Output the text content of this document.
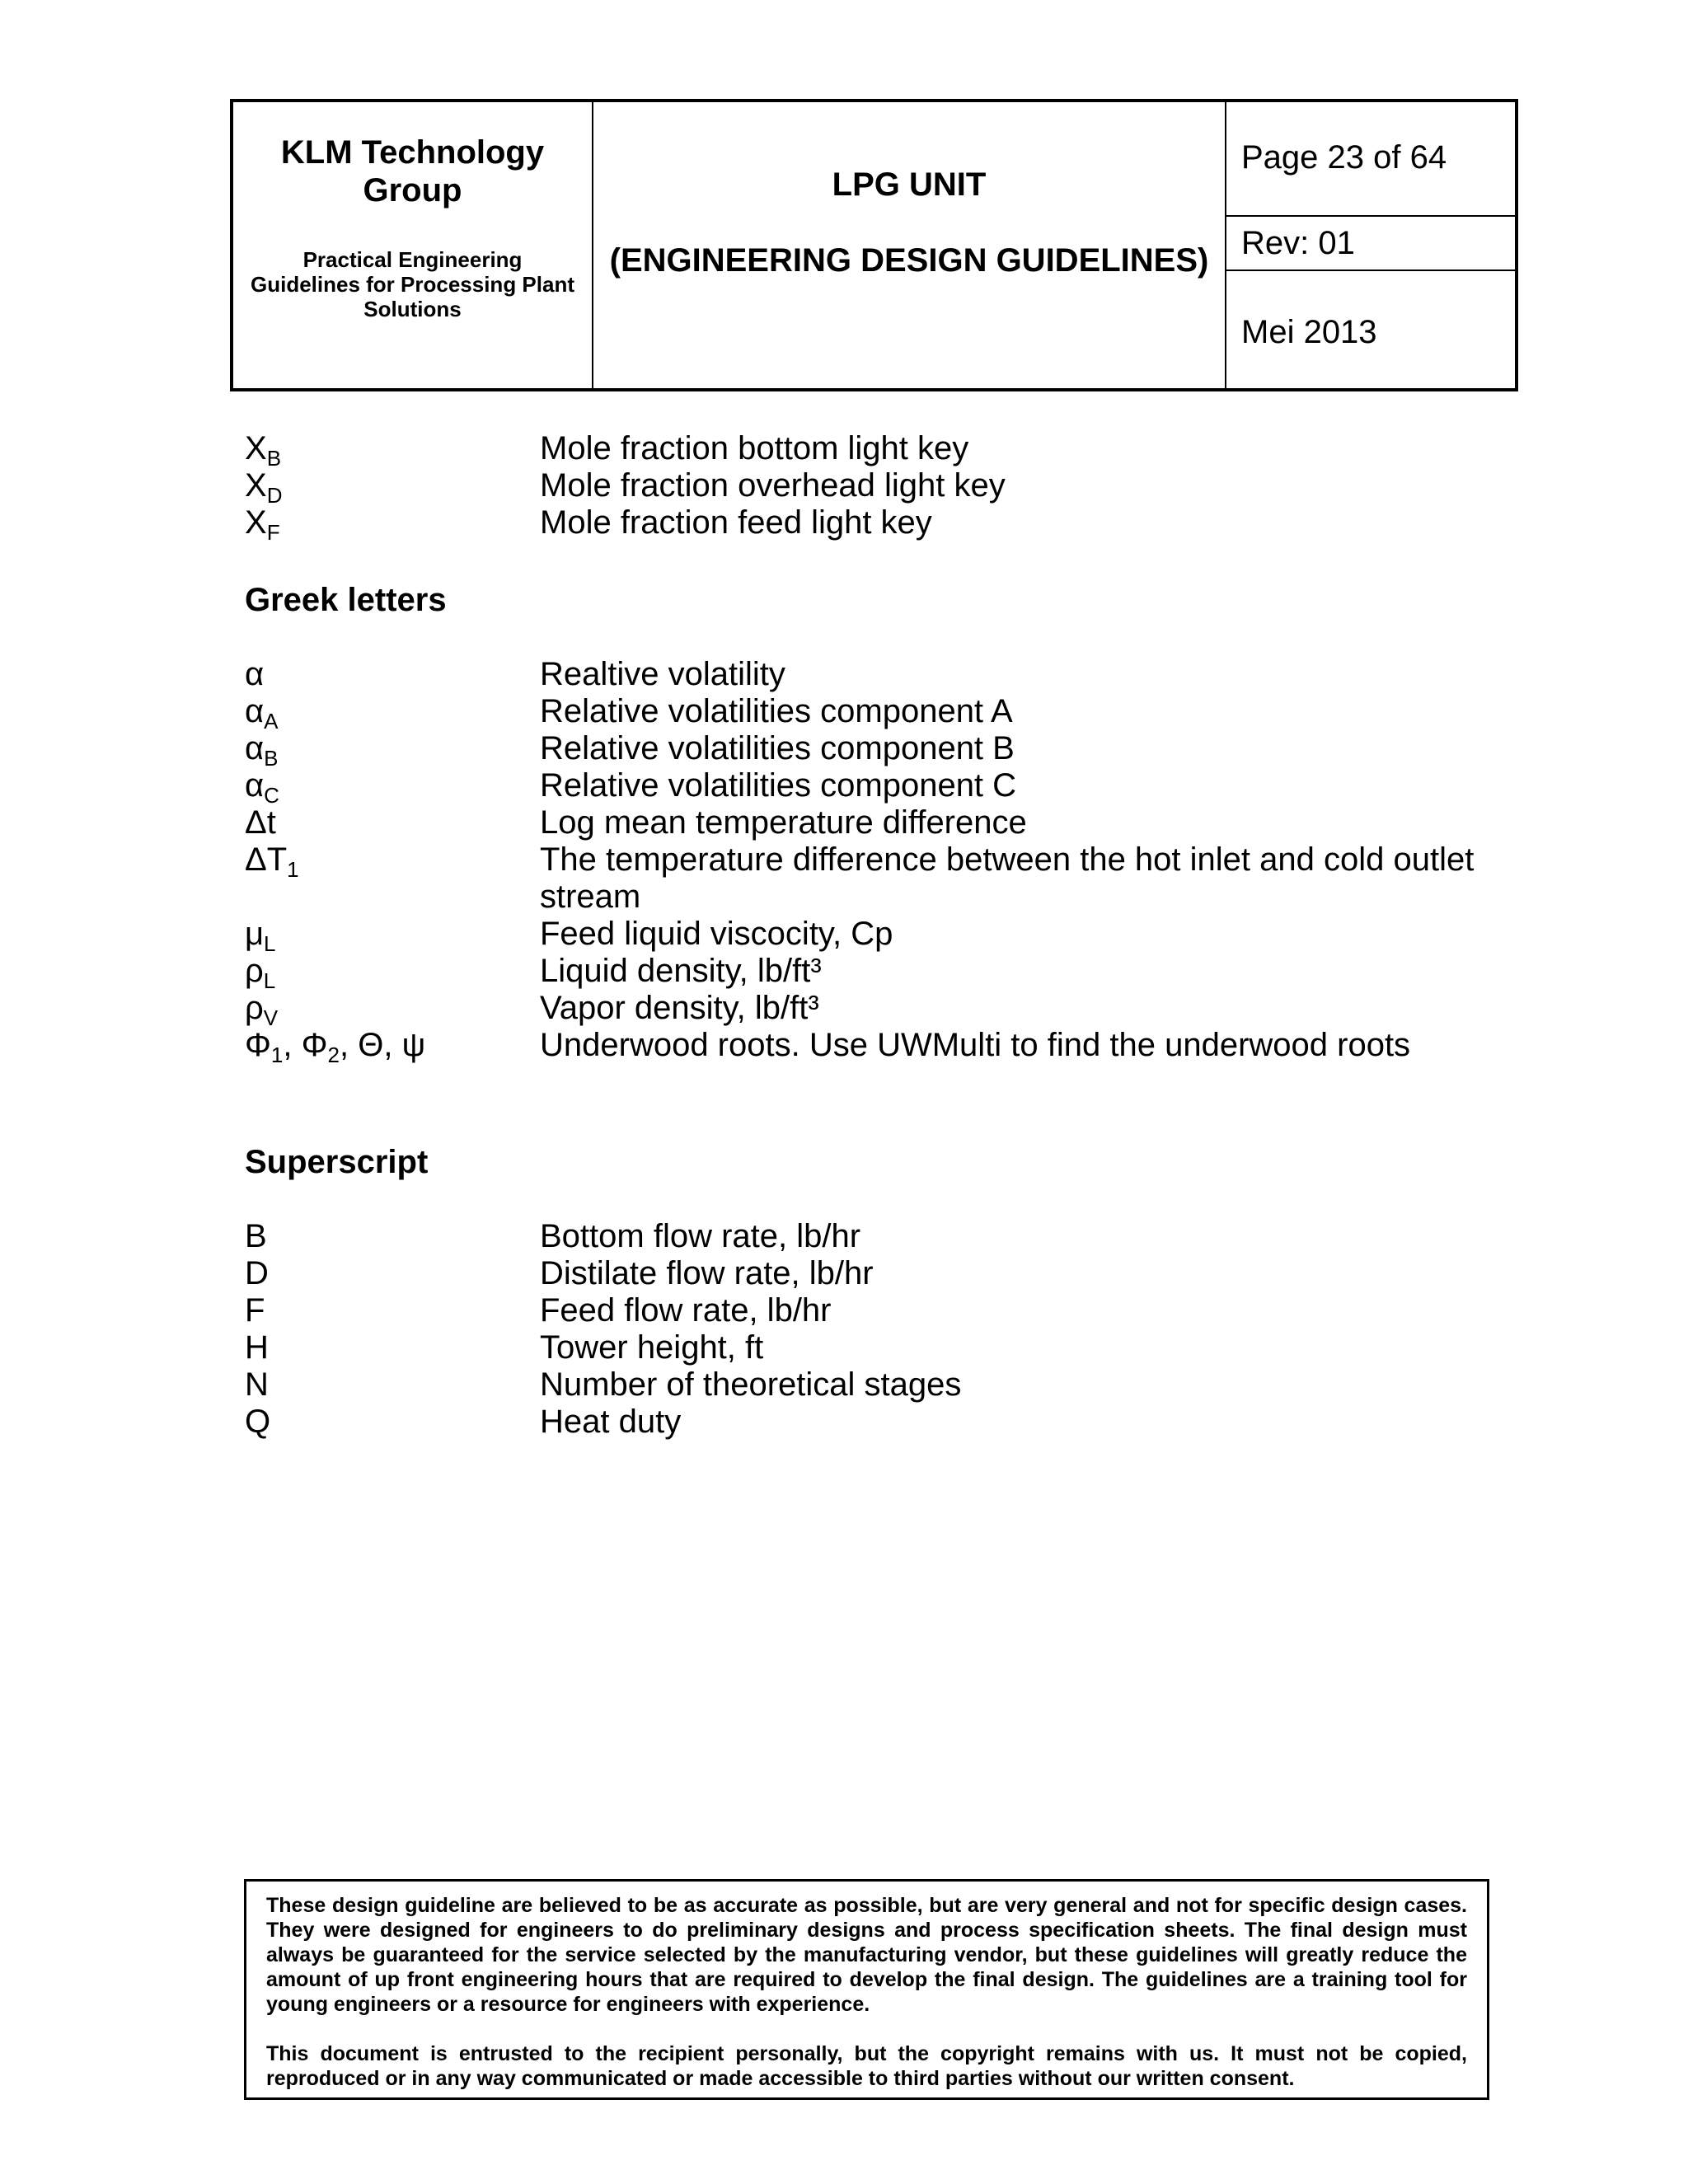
KLM Technology
Group
Practical Engineering
Guidelines for Processing Plant
Solutions
LPG UNIT
(ENGINEERING DESIGN GUIDELINES)
Page 23 of 64
Rev: 01
Mei 2013
$X_B$	Mole fraction bottom light key
$X_D$	Mole fraction overhead light key
$X_F$	Mole fraction feed light key
Greek letters
α	Realtive volatility
$\alpha_A$	Relative volatilities component A
$\alpha_B$	Relative volatilities component B
$\alpha_C$	Relative volatilities component C
Δt	Log mean temperature difference
$\Delta T_1$	The temperature difference between the hot inlet and cold outlet stream
$\mu_L$	Feed liquid viscocity, Cp
$\rho_L$	Liquid density, lb/ft³
$\rho_V$	Vapor density, lb/ft³
$\Phi_1$, $\Phi_2$, Θ, ψ	Underwood roots. Use UWMulti to find the underwood roots
Superscript
B	Bottom flow rate, lb/hr
D	Distilate flow rate, lb/hr
F	Feed flow rate, lb/hr
H	Tower height, ft
N	Number of theoretical stages
Q	Heat duty

These design guideline are believed to be as accurate as possible, but are very general and not for specific design cases. They were designed for engineers to do preliminary designs and process specification sheets. The final design must always be guaranteed for the service selected by the manufacturing vendor, but these guidelines will greatly reduce the amount of up front engineering hours that are required to develop the final design. The guidelines are a training tool for young engineers or a resource for engineers with experience.

This document is entrusted to the recipient personally, but the copyright remains with us. It must not be copied, reproduced or in any way communicated or made accessible to third parties without our written consent.
